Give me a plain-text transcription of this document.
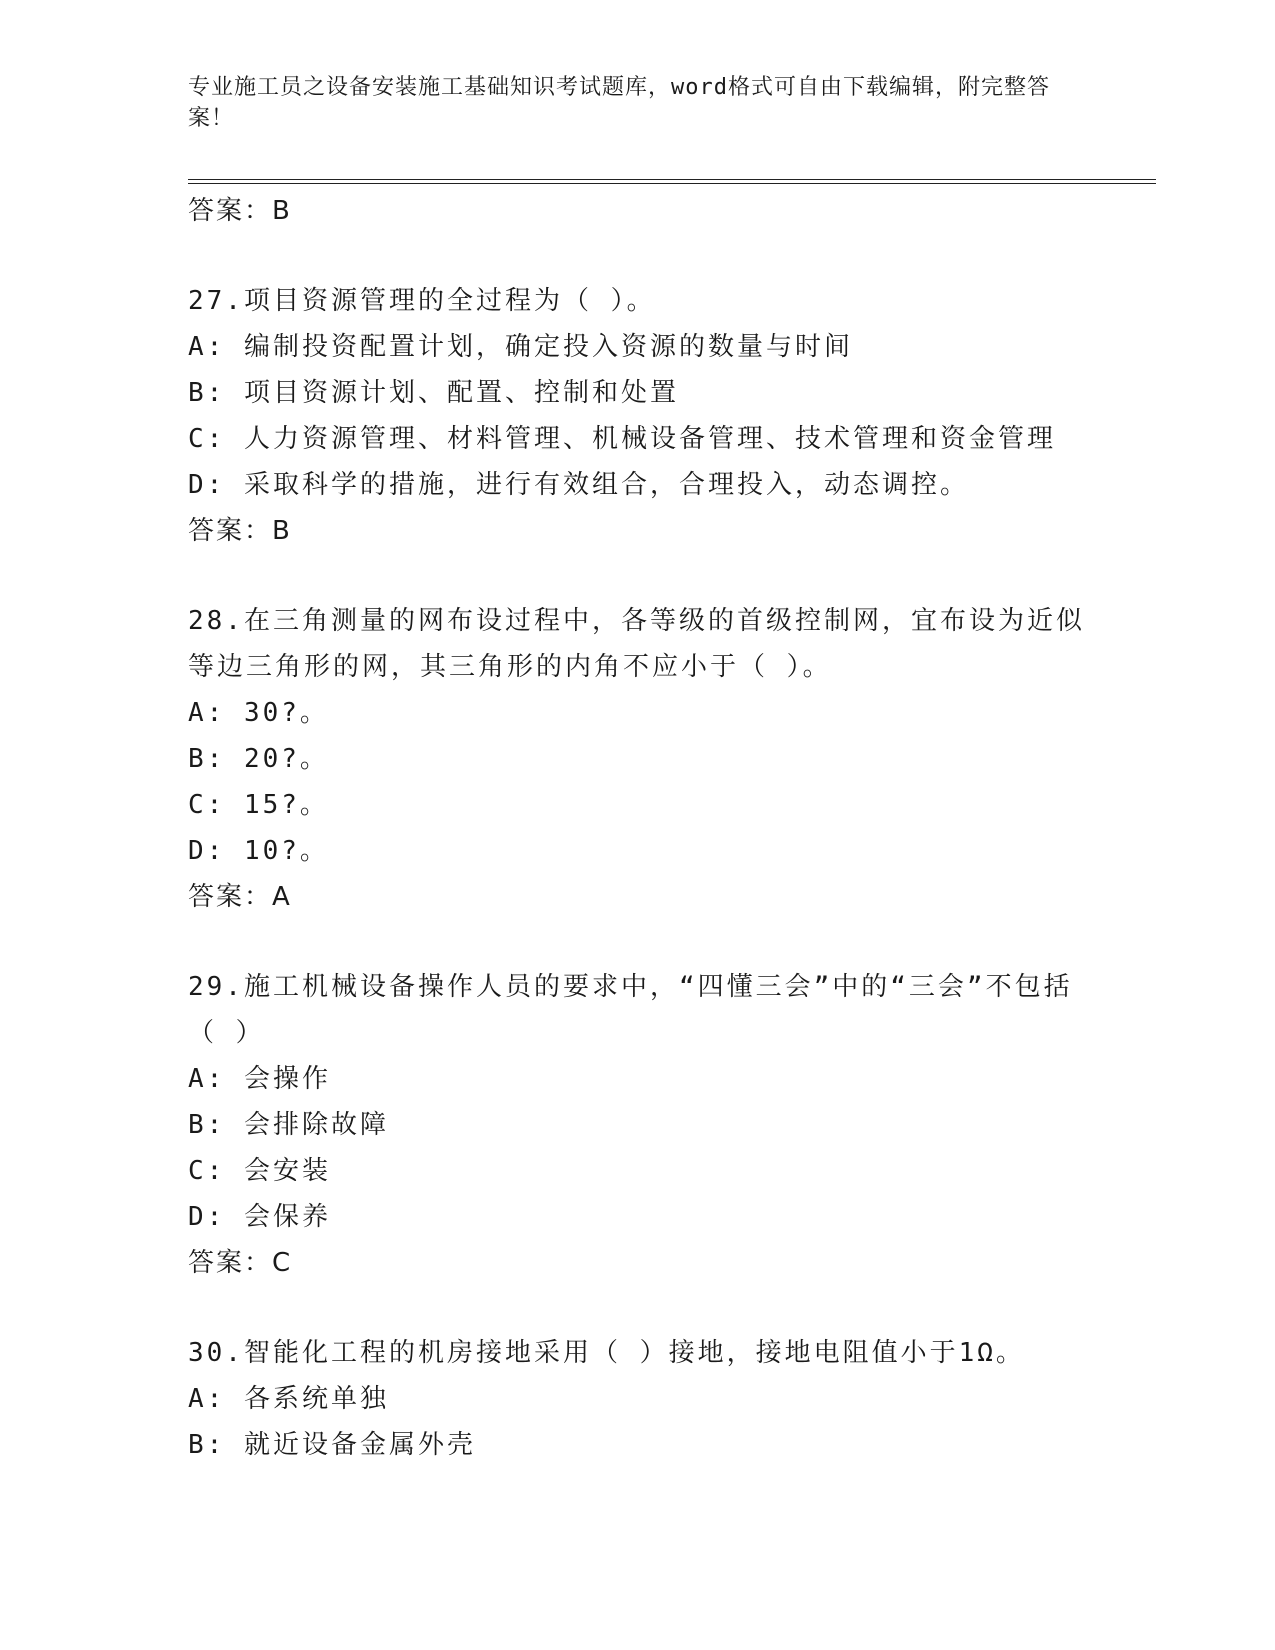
专业施工员之设备安装施工基础知识考试题库，word格式可自由下载编辑，附完整答案！
答案：B
27.项目资源管理的全过程为（ ）。
A: 编制投资配置计划，确定投入资源的数量与时间
B: 项目资源计划、配置、控制和处置
C: 人力资源管理、材料管理、机械设备管理、技术管理和资金管理
D: 采取科学的措施，进行有效组合，合理投入，动态调控。
答案：B
28.在三角测量的网布设过程中，各等级的首级控制网，宜布设为近似等边三角形的网，其三角形的内角不应小于（ ）。
A: 30?。
B: 20?。
C: 15?。
D: 10?。
答案：A
29.施工机械设备操作人员的要求中，“四懂三会”中的“三会”不包括（ ）
A: 会操作
B: 会排除故障
C: 会安装
D: 会保养
答案：C
30.智能化工程的机房接地采用（ ）接地，接地电阻值小于1Ω。
A: 各系统单独
B: 就近设备金属外壳
